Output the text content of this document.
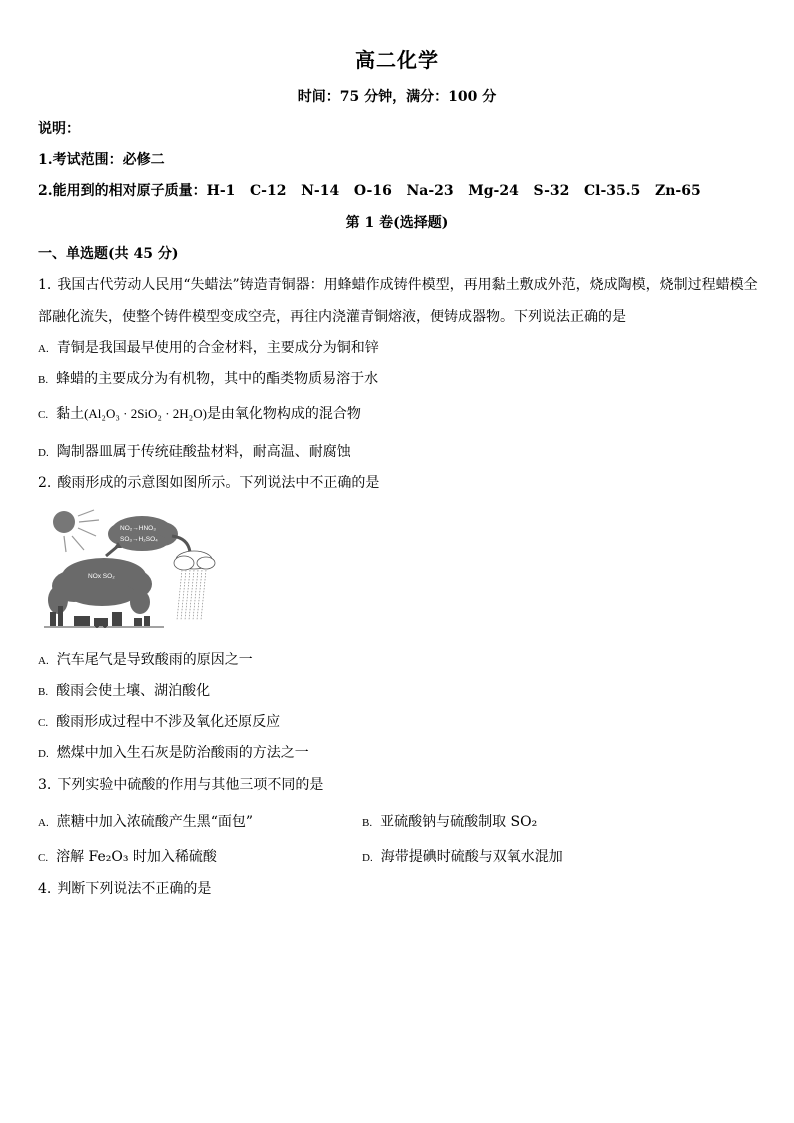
高二化学
时间：75 分钟，满分：100 分
说明：
1.考试范围：必修二
2.能用到的相对原子质量：H-1 C-12 N-14 O-16 Na-23 Mg-24 S-32 Cl-35.5 Zn-65
第 1 卷(选择题)
一、单选题(共 45 分)
1. 我国古代劳动人民用“失蜡法”铸造青铜器：用蜂蜡作成铸件模型，再用黏土敷成外范，烧成陶模，烧制过程蜡模全
部融化流失，使整个铸件模型变成空壳，再往内浇灌青铜熔液，便铸成器物。下列说法正确的是
A. 青铜是我国最早使用的合金材料，主要成分为铜和锌
B. 蜂蜡的主要成分为有机物，其中的酯类物质易溶于水
C. 黏土(Al₂O₃ · 2SiO₂ · 2H₂O)是由氧化物构成的混合物
D. 陶制器皿属于传统硅酸盐材料，耐高温、耐腐蚀
2. 酸雨形成的示意图如图所示。下列说法中不正确的是
NO₂→HNO₃
SO₃→H₂SO₄
NOx SO₂
A. 汽车尾气是导致酸雨的原因之一
B. 酸雨会使土壤、湖泊酸化
C. 酸雨形成过程中不涉及氧化还原反应
D. 燃煤中加入生石灰是防治酸雨的方法之一
3. 下列实验中硫酸的作用与其他三项不同的是
A. 蔗糖中加入浓硫酸产生黑“面包”	B. 亚硫酸钠与硫酸制取 SO₂
C. 溶解 Fe₂O₃ 时加入稀硫酸	D. 海带提碘时硫酸与双氧水混加
4. 判断下列说法不正确的是
